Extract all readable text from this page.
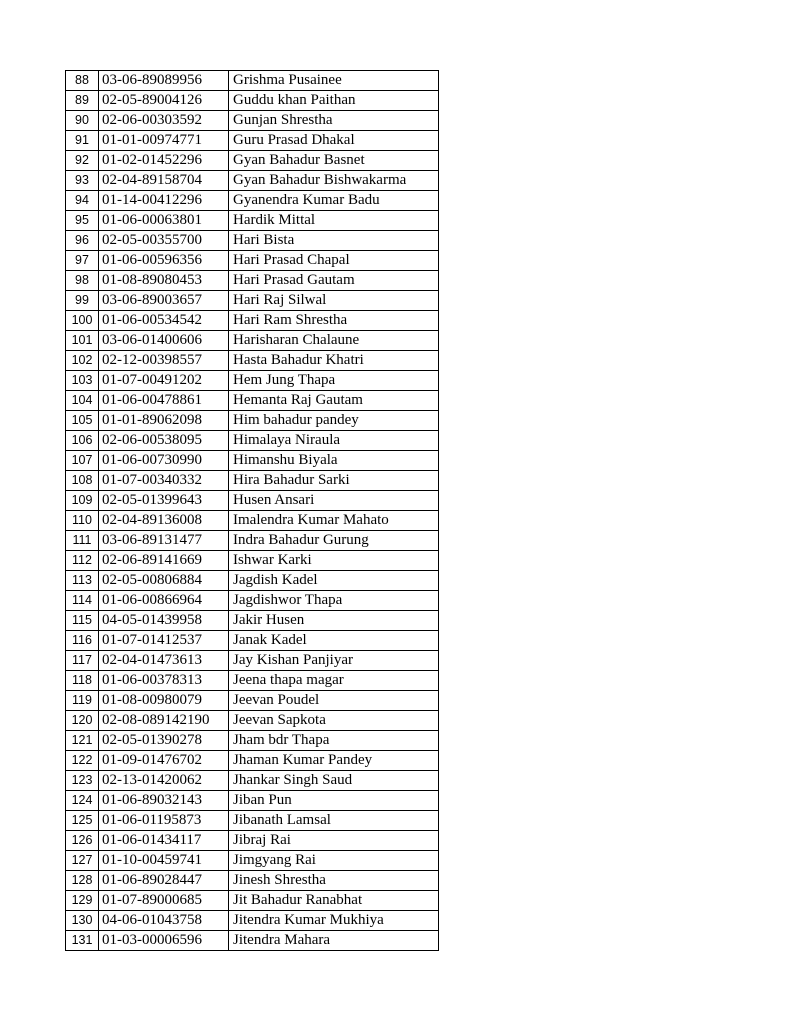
88	03-06-89089956	Grishma Pusainee
89	02-05-89004126	Guddu khan Paithan
90	02-06-00303592	Gunjan Shrestha
91	01-01-00974771	Guru Prasad Dhakal
92	01-02-01452296	Gyan Bahadur Basnet
93	02-04-89158704	Gyan Bahadur Bishwakarma
94	01-14-00412296	Gyanendra Kumar Badu
95	01-06-00063801	Hardik Mittal
96	02-05-00355700	Hari Bista
97	01-06-00596356	Hari Prasad Chapal
98	01-08-89080453	Hari Prasad Gautam
99	03-06-89003657	Hari Raj Silwal
100	01-06-00534542	Hari Ram Shrestha
101	03-06-01400606	Harisharan Chalaune
102	02-12-00398557	Hasta Bahadur Khatri
103	01-07-00491202	Hem Jung Thapa
104	01-06-00478861	Hemanta Raj Gautam
105	01-01-89062098	Him bahadur pandey
106	02-06-00538095	Himalaya Niraula
107	01-06-00730990	Himanshu Biyala
108	01-07-00340332	Hira Bahadur Sarki
109	02-05-01399643	Husen Ansari
110	02-04-89136008	Imalendra Kumar Mahato
111	03-06-89131477	Indra Bahadur Gurung
112	02-06-89141669	Ishwar Karki
113	02-05-00806884	Jagdish Kadel
114	01-06-00866964	Jagdishwor Thapa
115	04-05-01439958	Jakir Husen
116	01-07-01412537	Janak Kadel
117	02-04-01473613	Jay Kishan Panjiyar
118	01-06-00378313	Jeena thapa magar
119	01-08-00980079	Jeevan Poudel
120	02-08-089142190	Jeevan Sapkota
121	02-05-01390278	Jham bdr Thapa
122	01-09-01476702	Jhaman Kumar Pandey
123	02-13-01420062	Jhankar Singh Saud
124	01-06-89032143	Jiban Pun
125	01-06-01195873	Jibanath Lamsal
126	01-06-01434117	Jibraj Rai
127	01-10-00459741	Jimgyang Rai
128	01-06-89028447	Jinesh Shrestha
129	01-07-89000685	Jit Bahadur Ranabhat
130	04-06-01043758	Jitendra Kumar Mukhiya
131	01-03-00006596	Jitendra Mahara
